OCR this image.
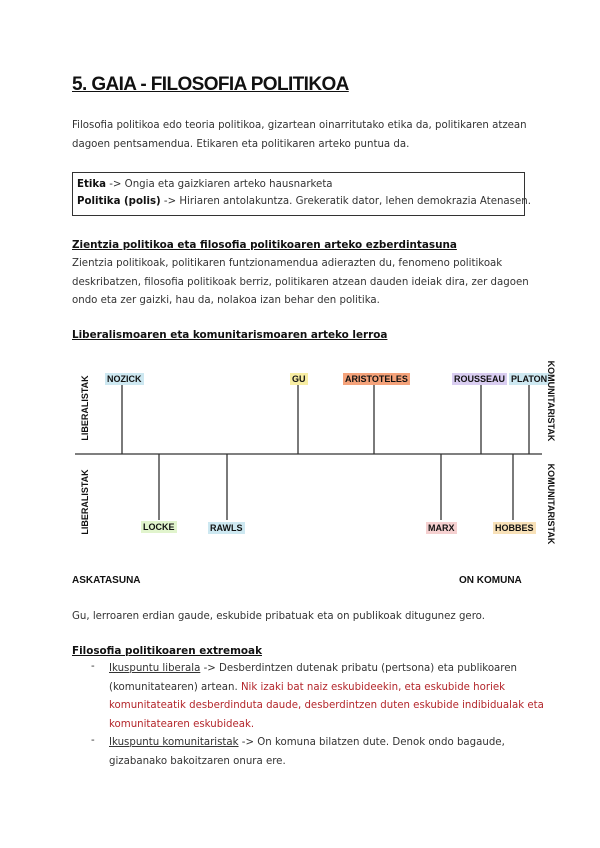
5. GAIA - FILOSOFIA POLITIKOA
Filosofia politikoa edo teoria politikoa, gizartean oinarritutako etika da, politikaren atzean
dagoen pentsamendua. Etikaren eta politikaren arteko puntua da.
Etika -> Ongia eta gaizkiaren arteko hausnarketa
Politika (polis) -> Hiriaren antolakuntza. Grekeratik dator, lehen demokrazia Atenasen.
Zientzia politikoa eta filosofia politikoaren arteko ezberdintasuna
Zientzia politikoak, politikaren funtzionamendua adierazten du, fenomeno politikoak
deskribatzen, filosofia politikoak berriz, politikaren atzean dauden ideiak dira, zer dagoen
ondo eta zer gaizki, hau da, nolakoa izan behar den politika.
Liberalismoaren eta komunitarismoaren arteko lerroa
NOZICK	GU	ARISTOTELES	ROUSSEAU PLATON
LOCKE	RAWLS	MARX	HOBBES
LIBERALISTAK
LIBERALISTAK
KOMUNITARISTAK
KOMUNITARISTAK
ASKATASUNA	ON KOMUNA
Gu, lerroaren erdian gaude, eskubide pribatuak eta on publikoak ditugunez gero.
Filosofia politikoaren extremoak
- Ikuspuntu liberala -> Desberdintzen dutenak pribatu (pertsona) eta publikoaren
(komunitatearen) artean. Nik izaki bat naiz eskubideekin, eta eskubide horiek
komunitateatik desberdinduta daude, desberdintzen duten eskubide indibidualak eta
komunitatearen eskubideak.
- Ikuspuntu komunitaristak -> On komuna bilatzen dute. Denok ondo bagaude,
gizabanako bakoitzaren onura ere.
